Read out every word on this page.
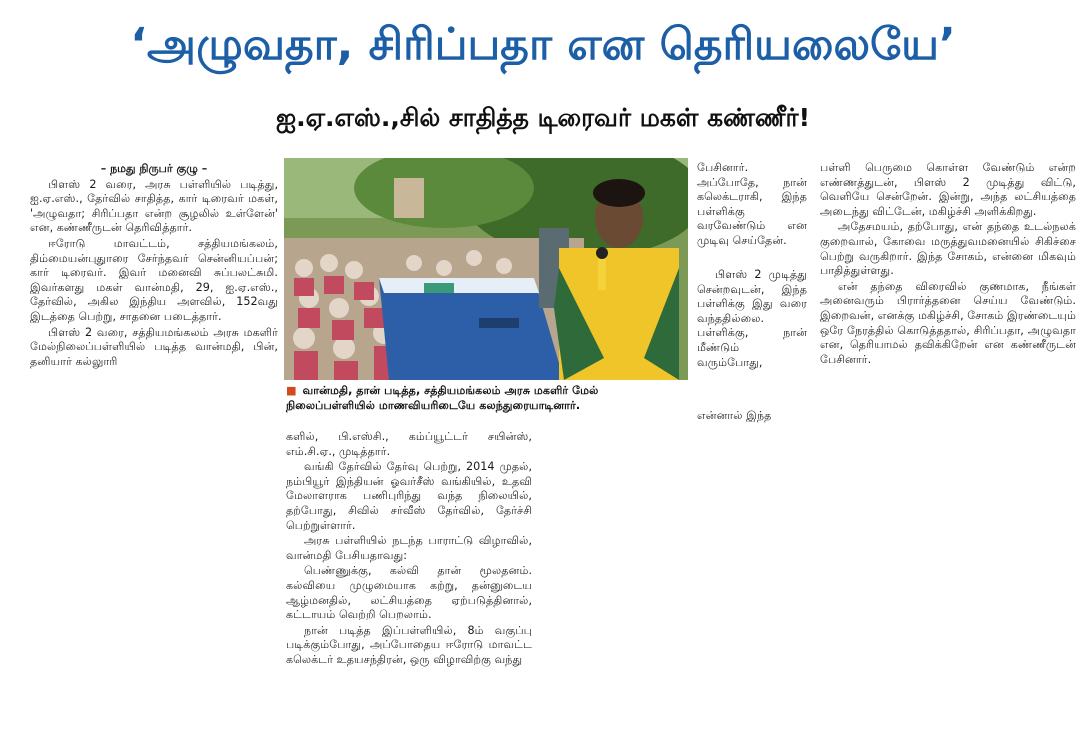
‘அழுவதா, சிரிப்பதா என தெரியலையே’
ஐ.ஏ.எஸ்.,சில் சாதித்த டிரைவர் மகள் கண்ணீர்!

– நமது நிருபர் குழு –

பிளஸ் 2 வரை, அரசு பள்ளியில் படித்து, ஐ.ஏ.எஸ்., தேர்வில் சாதித்த, கார் டிரைவர் மகள், 'அழுவதா; சிரிப்பதா என்ற சூழலில் உள்ளேன்' என, கண்ணீருடன் தெரிவித்தார்.

ஈரோடு மாவட்டம், சத்தியமங்கலம், திம்மையன்புதுாரை சேர்ந்தவர் சென்னியப்பன்; கார் டிரைவர். இவர் மனைவி சுப்பலட்சுமி. இவர்களது மகள் வான்மதி, 29, ஐ.ஏ.எஸ்., தேர்வில், அகில இந்திய அளவில், 152வது இடத்தை பெற்று, சாதனை படைத்தார்.

பிளஸ் 2 வரை, சத்தியமங்கலம் அரசு மகளிர் மேல்நிலைப்பள்ளியில் படித்த வான்மதி, பின், தனியார் கல்லுாரி

■ வான்மதி, தான் படித்த, சத்தியமங்கலம் அரசு மகளிர் மேல் நிலைப்பள்ளியில் மாணவியரிடையே கலந்துரையாடினார்.

களில், பி.எஸ்சி., கம்ப்யூட்டர் சயின்ஸ், எம்.சி.ஏ., முடித்தார்.

வங்கி தேர்வில் தேர்வு பெற்று, 2014 முதல், நம்பியூர் இந்தியன் ஓவர்சீஸ் வங்கியில், உதவி மேலாளராக பணிபுரிந்து வந்த நிலையில், தற்போது, சிவில் சர்வீஸ் தேர்வில், தேர்ச்சி பெற்றுள்ளார்.

அரசு பள்ளியில் நடந்த பாராட்டு விழாவில், வான்மதி பேசியதாவது:

பெண்ணுக்கு, கல்வி தான் மூலதனம். கல்வியை முழுமையாக கற்று, தன்னுடைய ஆழ்மனதில், லட்சியத்தை ஏற்படுத்தினால், கட்டாயம் வெற்றி பெறலாம்.

நான் படித்த இப்பள்ளியில், 8ம் வகுப்பு படிக்கும்போது, அப்போதைய ஈரோடு மாவட்ட கலெக்டர் உதயசந்திரன், ஒரு விழாவிற்கு வந்து

பேசினார். அப்போதே, நான் கலெக்டராகி, இந்த பள்ளிக்கு வரவேண்டும் என முடிவு செய்தேன்.

பிளஸ் 2 முடித்து சென்றவுடன், இந்த பள்ளிக்கு இது வரை வந்ததில்லை. பள்ளிக்கு, நான் மீண்டும் வரும்போது,

என்னால் இந்த

பள்ளி பெருமை கொள்ள வேண்டும் என்ற எண்ணத்துடன், பிளஸ் 2 முடித்து விட்டு, வெளியே சென்றேன். இன்று, அந்த லட்சியத்தை அடைந்து விட்டேன், மகிழ்ச்சி அளிக்கிறது.

அதேசமயம், தற்போது, என் தந்தை உடல்நலக் குறைவால், கோவை மருத்துவமனையில் சிகிச்சை பெற்று வருகிறார். இந்த சோகம், என்னை மிகவும் பாதித்துள்ளது.

என் தந்தை விரைவில் குணமாக, நீங்கள் அனைவரும் பிரார்த்தனை செய்ய வேண்டும். இறைவன், எனக்கு மகிழ்ச்சி, சோகம் இரண்டையும் ஒரே நேரத்தில் கொடுத்ததால், சிரிப்பதா, அழுவதா என, தெரியாமல் தவிக்கிறேன் என கண்ணீருடன் பேசினார்.
